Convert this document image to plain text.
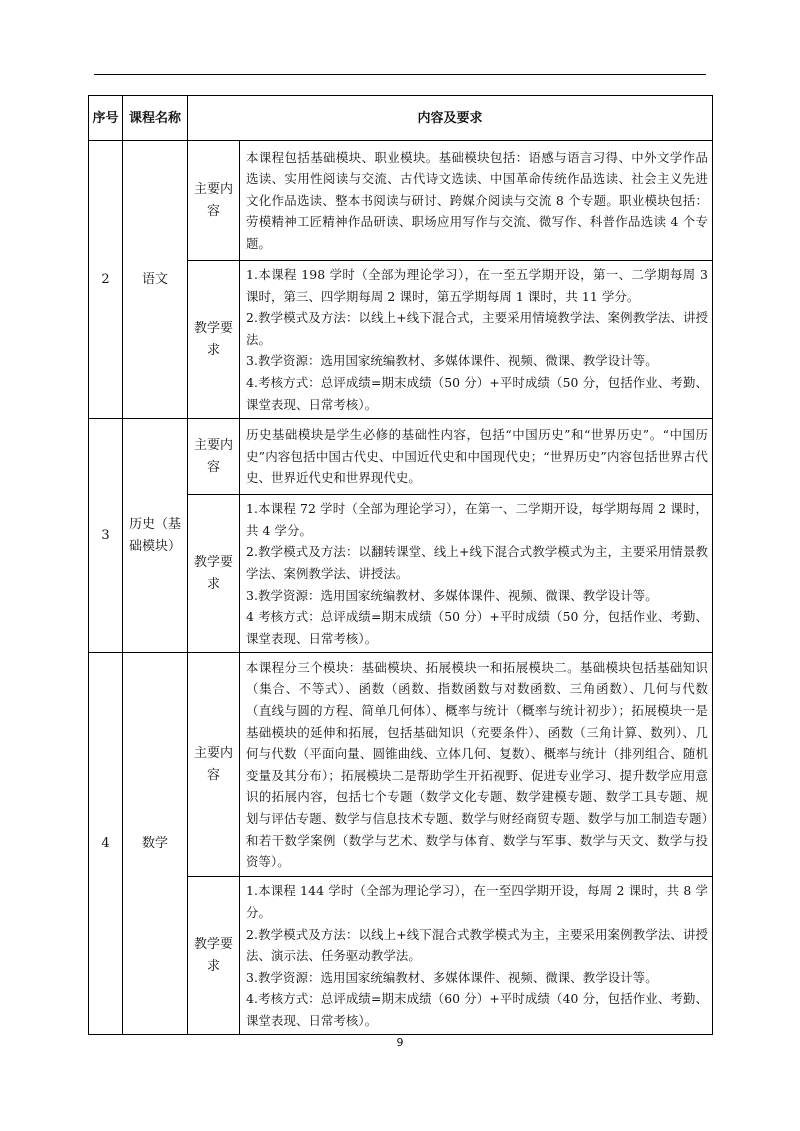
序号	课程名称	内容及要求	
2	语文	主要内容	本课程包括基础模块、职业模块。基础模块包括：语感与语言习得、中外文学作品选读、实用性阅读与交流、古代诗文选读、中国革命传统作品选读、社会主义先进文化作品选读、整本书阅读与研讨、跨媒介阅读与交流 8 个专题。职业模块包括：劳模精神工匠精神作品研读、职场应用写作与交流、微写作、科普作品选读 4 个专题。
		教学要求	1.本课程 198 学时（全部为理论学习），在一至五学期开设，第一、二学期每周 3 课时，第三、四学期每周 2 课时，第五学期每周 1 课时，共 11 学分。

2.教学模式及方法：以线上+线下混合式，主要采用情境教学法、案例教学法、讲授法。

3.教学资源：选用国家统编教材、多媒体课件、视频、微课、教学设计等。

4.考核方式：总评成绩=期末成绩（50 分）+平时成绩（50 分，包括作业、考勤、课堂表现、日常考核）。

3	历史（基础模块）	主要内容	历史基础模块是学生必修的基础性内容，包括“中国历史”和“世界历史”。“中国历史”内容包括中国古代史、中国近代史和中国现代史；“世界历史”内容包括世界古代史、世界近代史和世界现代史。
		教学要求	1.本课程 72 学时（全部为理论学习），在第一、二学期开设，每学期每周 2 课时，共 4 学分。

2.教学模式及方法：以翻转课堂、线上+线下混合式教学模式为主，主要采用情景教学法、案例教学法、讲授法。

3.教学资源：选用国家统编教材、多媒体课件、视频、微课、教学设计等。

4 考核方式：总评成绩=期末成绩（50 分）+平时成绩（50 分，包括作业、考勤、课堂表现、日常考核）。

4	数学	主要内容	本课程分三个模块：基础模块、拓展模块一和拓展模块二。基础模块包括基础知识（集合、不等式）、函数（函数、指数函数与对数函数、三角函数）、几何与代数（直线与圆的方程、简单几何体）、概率与统计（概率与统计初步）；拓展模块一是基础模块的延伸和拓展，包括基础知识（充要条件）、函数（三角计算、数列）、几何与代数（平面向量、圆锥曲线、立体几何、复数）、概率与统计（排列组合、随机变量及其分布）；拓展模块二是帮助学生开拓视野、促进专业学习、提升数学应用意识的拓展内容，包括七个专题（数学文化专题、数学建模专题、数学工具专题、规划与评估专题、数学与信息技术专题、数学与财经商贸专题、数学与加工制造专题）和若干数学案例（数学与艺术、数学与体育、数学与军事、数学与天文、数学与投资等）。
		教学要求	1.本课程 144 学时（全部为理论学习），在一至四学期开设，每周 2 课时，共 8 学分。

2.教学模式及方法：以线上+线下混合式教学模式为主，主要采用案例教学法、讲授法、演示法、任务驱动教学法。

3.教学资源：选用国家统编教材、多媒体课件、视频、微课、教学设计等。

4.考核方式：总评成绩=期末成绩（60 分）+平时成绩（40 分，包括作业、考勤、课堂表现、日常考核）。

9
